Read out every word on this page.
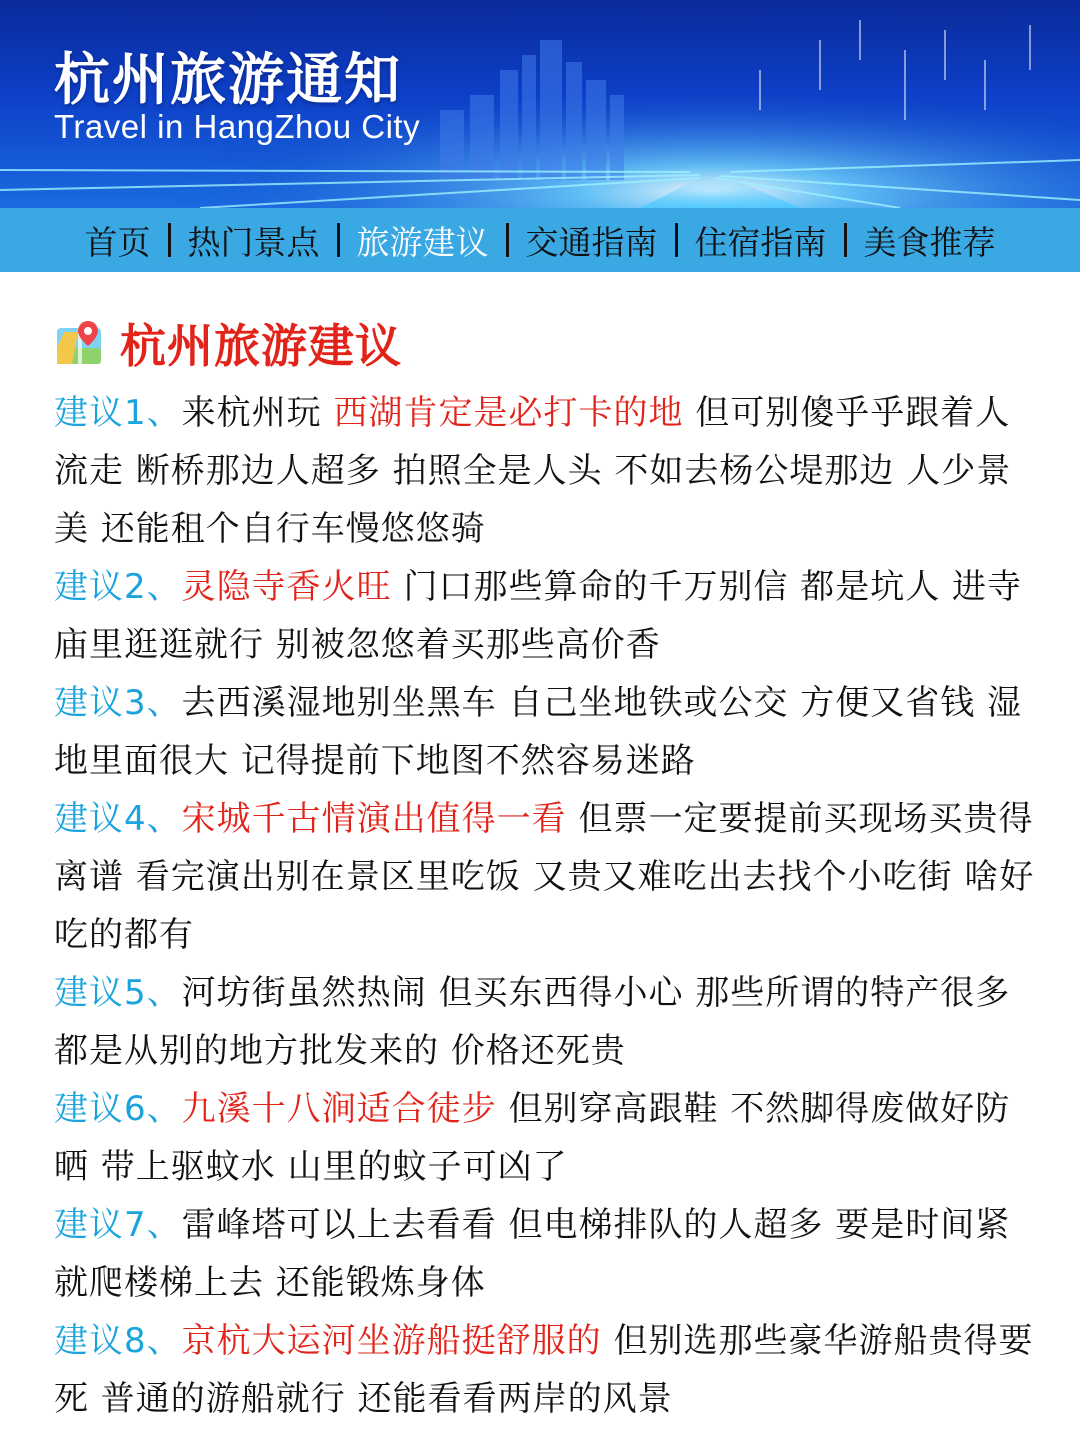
杭州旅游通知
Travel in HangZhou City
首页 热门景点 旅游建议 交通指南 住宿指南 美食推荐
杭州旅游建议
建议1、来杭州玩 西湖肯定是必打卡的地 但可别傻乎乎跟着人流走 断桥那边人超多 拍照全是人头 不如去杨公堤那边 人少景美 还能租个自行车慢悠悠骑
建议2、灵隐寺香火旺 门口那些算命的千万别信 都是坑人 进寺庙里逛逛就行 别被忽悠着买那些高价香
建议3、去西溪湿地别坐黑车 自己坐地铁或公交 方便又省钱 湿地里面很大 记得提前下地图不然容易迷路
建议4、宋城千古情演出值得一看 但票一定要提前买现场买贵得离谱 看完演出别在景区里吃饭 又贵又难吃出去找个小吃街 啥好吃的都有
建议5、河坊街虽然热闹 但买东西得小心 那些所谓的特产很多都是从别的地方批发来的 价格还死贵
建议6、九溪十八涧适合徒步 但别穿高跟鞋 不然脚得废做好防晒 带上驱蚊水 山里的蚊子可凶了
建议7、雷峰塔可以上去看看 但电梯排队的人超多 要是时间紧就爬楼梯上去 还能锻炼身体
建议8、京杭大运河坐游船挺舒服的 但别选那些豪华游船贵得要死 普通的游船就行 还能看看两岸的风景
